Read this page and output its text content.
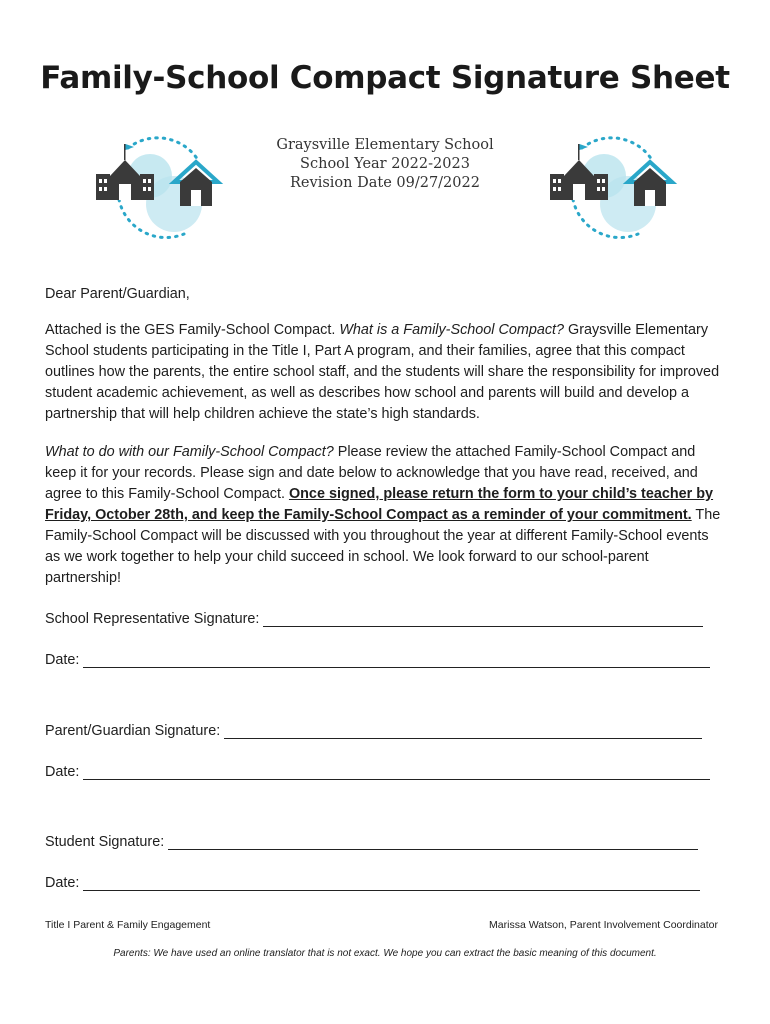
Family-School Compact Signature Sheet
Graysville Elementary School
School Year 2022-2023
Revision Date 09/27/2022
Dear Parent/Guardian,
Attached is the GES Family-School Compact. What is a Family-School Compact? Graysville Elementary School students participating in the Title I, Part A program, and their families, agree that this compact outlines how the parents, the entire school staff, and the students will share the responsibility for improved student academic achievement, as well as describes how school and parents will build and develop a partnership that will help children achieve the state’s high standards.
What to do with our Family-School Compact? Please review the attached Family-School Compact and keep it for your records. Please sign and date below to acknowledge that you have read, received, and agree to this Family-School Compact. Once signed, please return the form to your child’s teacher by Friday, October 28th, and keep the Family-School Compact as a reminder of your commitment. The Family-School Compact will be discussed with you throughout the year at different Family-School events as we work together to help your child succeed in school. We look forward to our school-parent partnership!
School Representative Signature:
Date:
Parent/Guardian Signature:
Date:
Student Signature:
Date:
Title I Parent & Family Engagement	Marissa Watson, Parent Involvement Coordinator
Parents: We have used an online translator that is not exact. We hope you can extract the basic meaning of this document.
